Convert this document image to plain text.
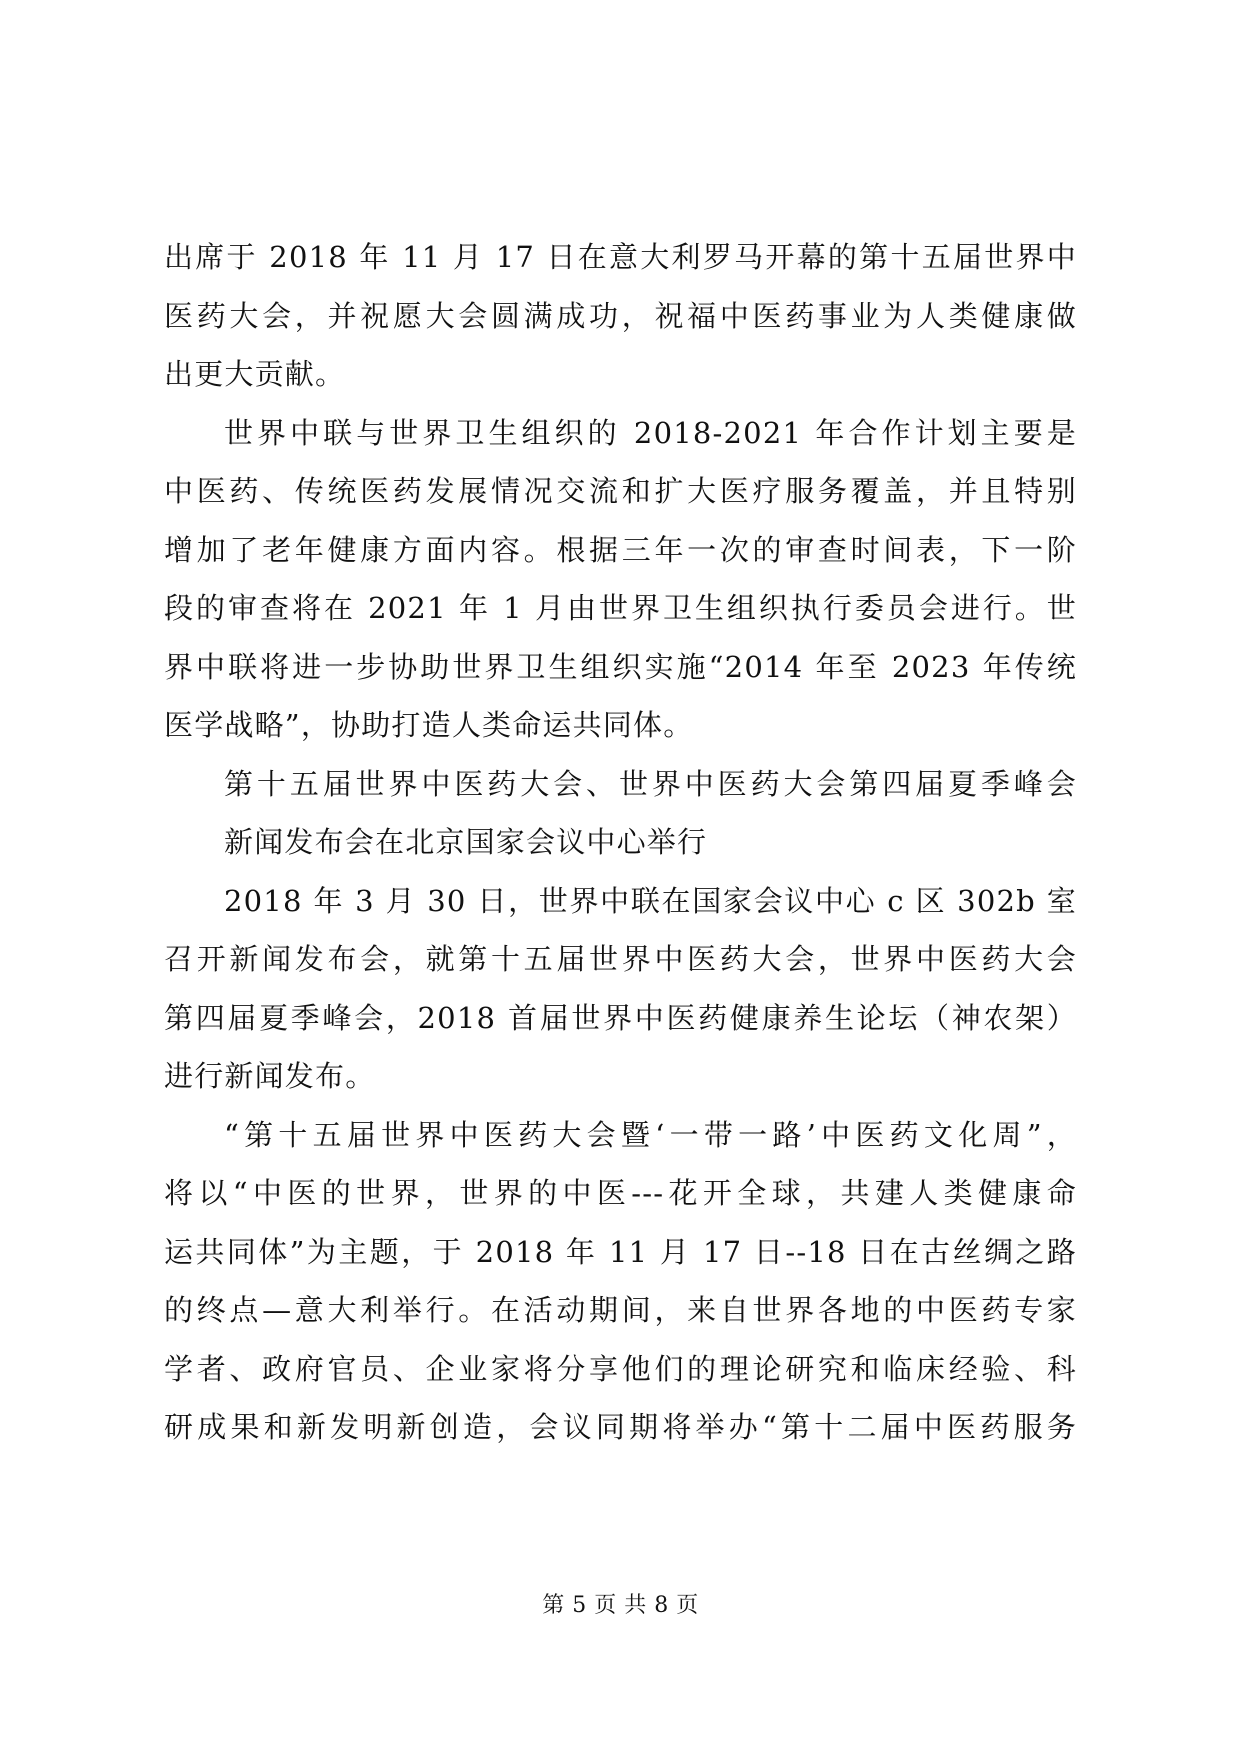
出席于 2018 年 11 月 17 日在意大利罗马开幕的第十五届世界中
医药大会，并祝愿大会圆满成功，祝福中医药事业为人类健康做
出更大贡献。
世界中联与世界卫生组织的 2018-2021 年合作计划主要是
中医药、传统医药发展情况交流和扩大医疗服务覆盖，并且特别
增加了老年健康方面内容。根据三年一次的审查时间表，下一阶
段的审查将在 2021 年 1 月由世界卫生组织执行委员会进行。世
界中联将进一步协助世界卫生组织实施“2014 年至 2023 年传统
医学战略”，协助打造人类命运共同体。
第十五届世界中医药大会、世界中医药大会第四届夏季峰会
新闻发布会在北京国家会议中心举行
2018 年 3 月 30 日，世界中联在国家会议中心 c 区 302b 室
召开新闻发布会，就第十五届世界中医药大会，世界中医药大会
第四届夏季峰会，2018 首届世界中医药健康养生论坛（神农架）
进行新闻发布。
“第十五届世界中医药大会暨‘一带一路’中医药文化周”，
将以“中医的世界，世界的中医---花开全球，共建人类健康命
运共同体”为主题，于 2018 年 11 月 17 日--18 日在古丝绸之路
的终点—意大利举行。在活动期间，来自世界各地的中医药专家
学者、政府官员、企业家将分享他们的理论研究和临床经验、科
研成果和新发明新创造，会议同期将举办“第十二届中医药服务
第 5 页 共 8 页
